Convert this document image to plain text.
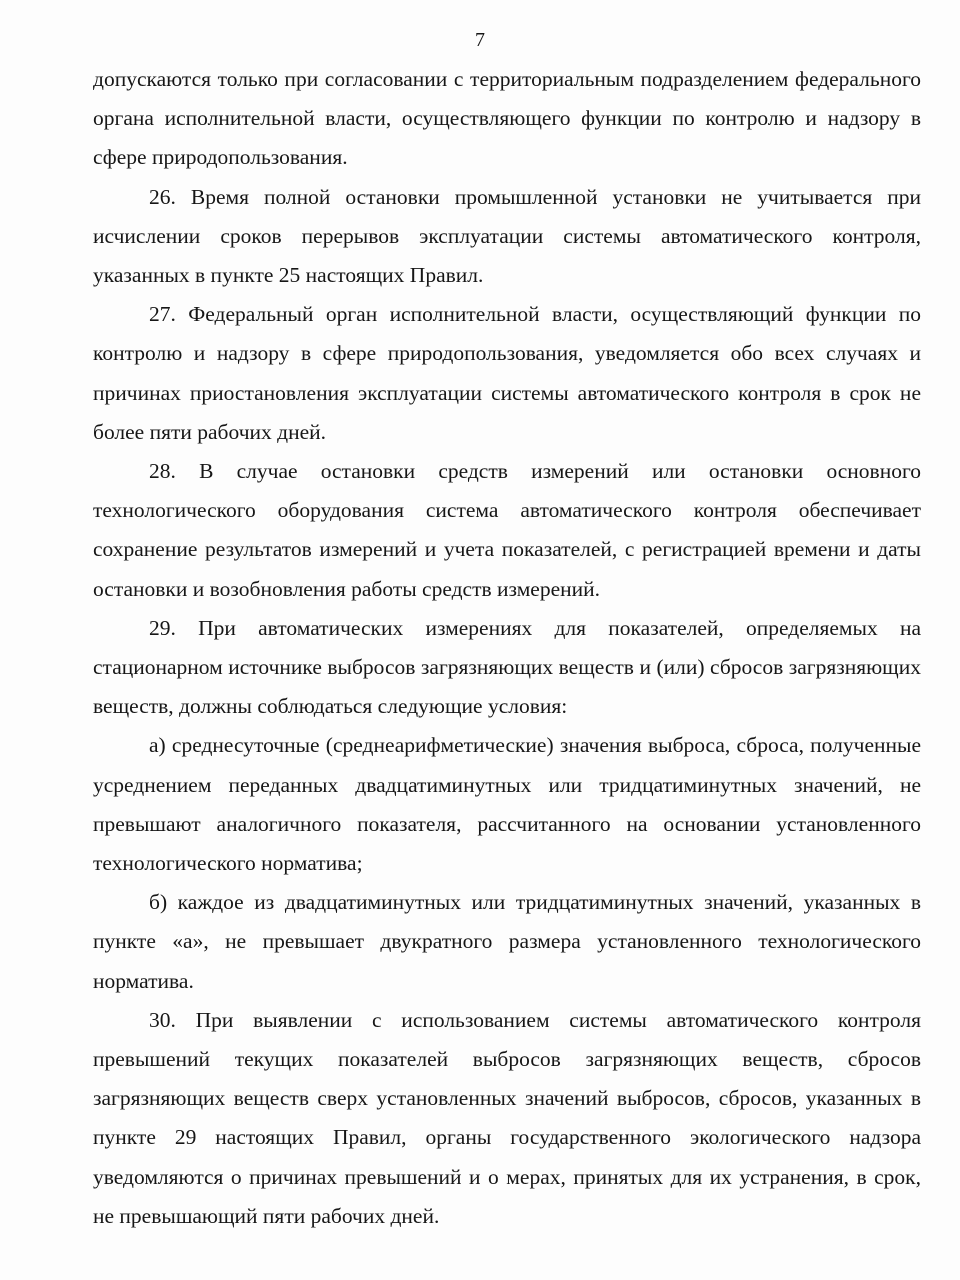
7

допускаются только при согласовании с территориальным подразделением федерального органа исполнительной власти, осуществляющего функции по контролю и надзору в сфере природопользования.

26. Время полной остановки промышленной установки не учитывается при исчислении сроков перерывов эксплуатации системы автоматического контроля, указанных в пункте 25 настоящих Правил.

27. Федеральный орган исполнительной власти, осуществляющий функции по контролю и надзору в сфере природопользования, уведомляется обо всех случаях и причинах приостановления эксплуатации системы автоматического контроля в срок не более пяти рабочих дней.

28. В случае остановки средств измерений или остановки основного технологического оборудования система автоматического контроля обеспечивает сохранение результатов измерений и учета показателей, с регистрацией времени и даты остановки и возобновления работы средств измерений.

29. При автоматических измерениях для показателей, определяемых на стационарном источнике выбросов загрязняющих веществ и (или) сбросов загрязняющих веществ, должны соблюдаться следующие условия:

а) среднесуточные (среднеарифметические) значения выброса, сброса, полученные усреднением переданных двадцатиминутных или тридцатиминутных значений, не превышают аналогичного показателя, рассчитанного на основании установленного технологического норматива;

б) каждое из двадцатиминутных или тридцатиминутных значений, указанных в пункте «а», не превышает двукратного размера установленного технологического норматива.

30. При выявлении с использованием системы автоматического контроля превышений текущих показателей выбросов загрязняющих веществ, сбросов загрязняющих веществ сверх установленных значений выбросов, сбросов, указанных в пункте 29 настоящих Правил, органы государственного экологического надзора уведомляются о причинах превышений и о мерах, принятых для их устранения, в срок, не превышающий пяти рабочих дней.
